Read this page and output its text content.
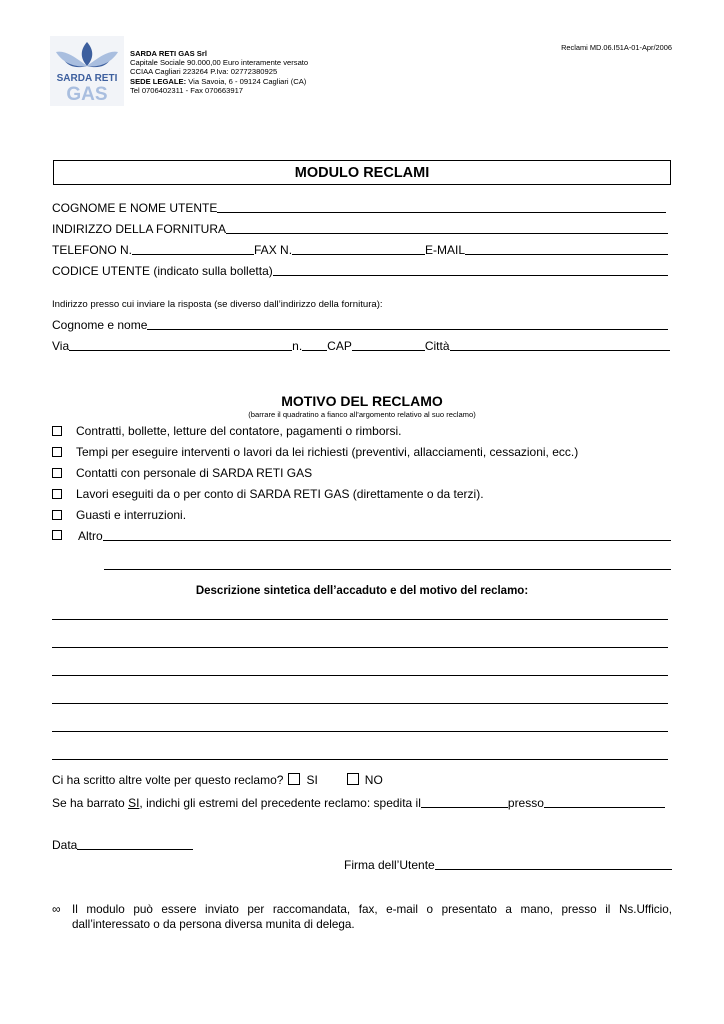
SARDA RETI
GAS
SARDA RETI GAS Srl
Capitale Sociale 90.000,00 Euro interamente versato
CCIAA Cagliari 223264 P.Iva: 02772380925
SEDE LEGALE: Via Savoia, 6 - 09124 Cagliari (CA)
Tel 0706402311 - Fax 070663917
Reclami MD.06.I51A-01-Apr/2006
MODULO RECLAMI
COGNOME E NOME UTENTE
INDIRIZZO DELLA FORNITURA
TELEFONO N.	FAX N.	E-MAIL
CODICE UTENTE (indicato sulla bolletta)
Indirizzo presso cui inviare la risposta (se diverso dall’indirizzo della fornitura):
Cognome e nome
Via	n. CAP	Città
MOTIVO DEL RECLAMO
(barrare il quadratino a fianco all’argomento relativo al suo reclamo)
Contratti, bollette, letture del contatore, pagamenti o rimborsi.
Tempi per eseguire interventi o lavori da lei richiesti (preventivi, allacciamenti, cessazioni, ecc.)
Contatti con personale di SARDA RETI GAS
Lavori eseguiti da o per conto di SARDA RETI GAS (direttamente o da terzi).
Guasti e interruzioni.
Altro
Descrizione sintetica dell’accaduto e del motivo del reclamo:
Ci ha scritto altre volte per questo reclamo? SI	NO
Se ha barrato SI , indichi gli estremi del precedente reclamo: spedita il	presso
Data
Firma dell’Utente
∞ Il modulo può essere inviato per raccomandata, fax, e-mail o presentato a mano, presso il Ns.Ufficio, dall’interessato o da persona diversa munita di delega.
